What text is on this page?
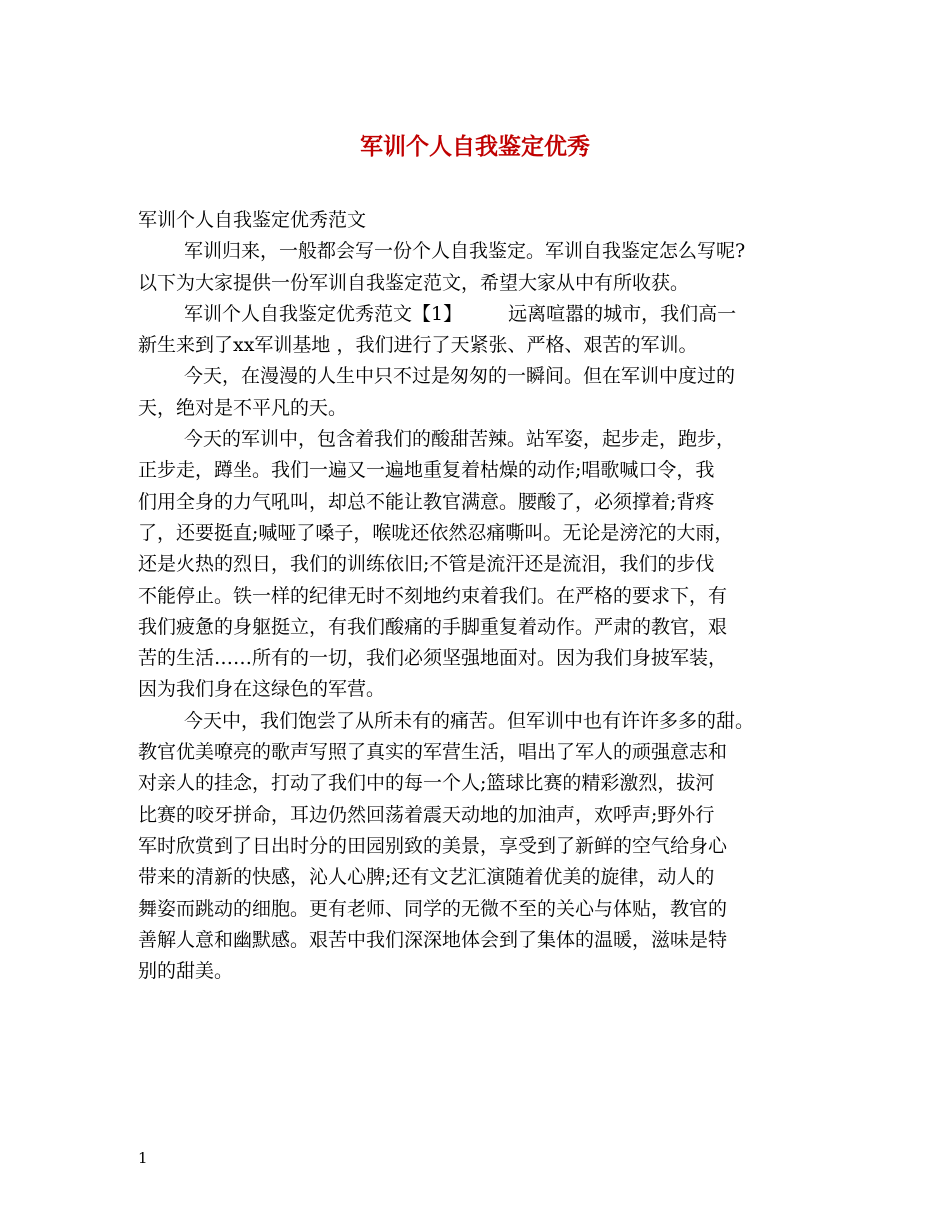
军训个人自我鉴定优秀

军训个人自我鉴定优秀范文

军训归来，一般都会写一份个人自我鉴定。军训自我鉴定怎么写呢?
以下为大家提供一份军训自我鉴定范文，希望大家从中有所收获。

军训个人自我鉴定优秀范文【1】 远离喧嚣的城市，我们高一
新生来到了xx军训基地 ，我们进行了天紧张、严格、艰苦的军训。

今天，在漫漫的人生中只不过是匆匆的一瞬间。但在军训中度过的
天，绝对是不平凡的天。

今天的军训中，包含着我们的酸甜苦辣。站军姿，起步走，跑步，
正步走，蹲坐。我们一遍又一遍地重复着枯燥的动作;唱歌喊口令，我
们用全身的力气吼叫，却总不能让教官满意。腰酸了，必须撑着;背疼
了，还要挺直;喊哑了嗓子，喉咙还依然忍痛嘶叫。无论是滂沱的大雨，
还是火热的烈日，我们的训练依旧;不管是流汗还是流泪，我们的步伐
不能停止。铁一样的纪律无时不刻地约束着我们。在严格的要求下，有
我们疲惫的身躯挺立，有我们酸痛的手脚重复着动作。严肃的教官，艰
苦的生活……所有的一切，我们必须坚强地面对。因为我们身披军装，
因为我们身在这绿色的军营。

今天中，我们饱尝了从所未有的痛苦。但军训中也有许许多多的甜。
教官优美嘹亮的歌声写照了真实的军营生活，唱出了军人的顽强意志和
对亲人的挂念，打动了我们中的每一个人;篮球比赛的精彩激烈，拔河
比赛的咬牙拼命，耳边仍然回荡着震天动地的加油声，欢呼声;野外行
军时欣赏到了日出时分的田园别致的美景，享受到了新鲜的空气给身心
带来的清新的快感，沁人心脾;还有文艺汇演随着优美的旋律，动人的
舞姿而跳动的细胞。更有老师、同学的无微不至的关心与体贴，教官的
善解人意和幽默感。艰苦中我们深深地体会到了集体的温暖，滋味是特
别的甜美。

1
